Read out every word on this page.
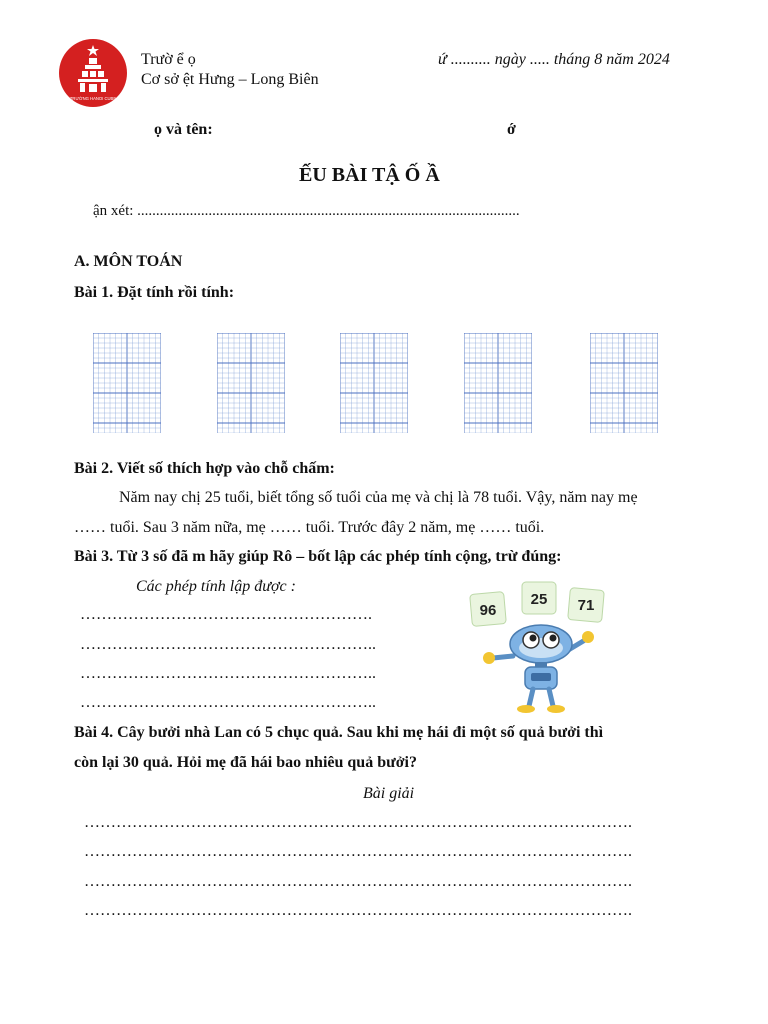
TRƯỜNG HANOI CUBE
Trườ ể ọ
Cơ sở ệt Hưng – Long Biên
ứ .......... ngày ..... tháng 8 năm 2024
ọ và tên:	ớ
ẾU BÀI TẬ Ố Ầ
ận xét: ......................................................................................................
A. MÔN TOÁN
Bài 1. Đặt tính rồi tính:
Bài 2. Viết số thích hợp vào chỗ chấm:
Năm nay chị 25 tuổi, biết tổng số tuổi của mẹ và chị là 78 tuổi. Vậy, năm nay mẹ
…… tuổi. Sau 3 năm nữa, mẹ …… tuổi. Trước đây 2 năm, mẹ …… tuổi.
Bài 3. Từ 3 số đã m hãy giúp Rô – bốt lập các phép tính cộng, trừ đúng:
Các phép tính lập được :
……………………………………………….
………………………………………………..
………………………………………………..
………………………………………………..
96
25 71
Bài 4. Cây bưởi nhà Lan có 5 chục quả. Sau khi mẹ hái đi một số quả bưởi thì
còn lại 30 quả. Hỏi mẹ đã hái bao nhiêu quả bưởi?
Bài giải
………………………………………………………………………………………….
………………………………………………………………………………………….
………………………………………………………………………………………….
………………………………………………………………………………………….
